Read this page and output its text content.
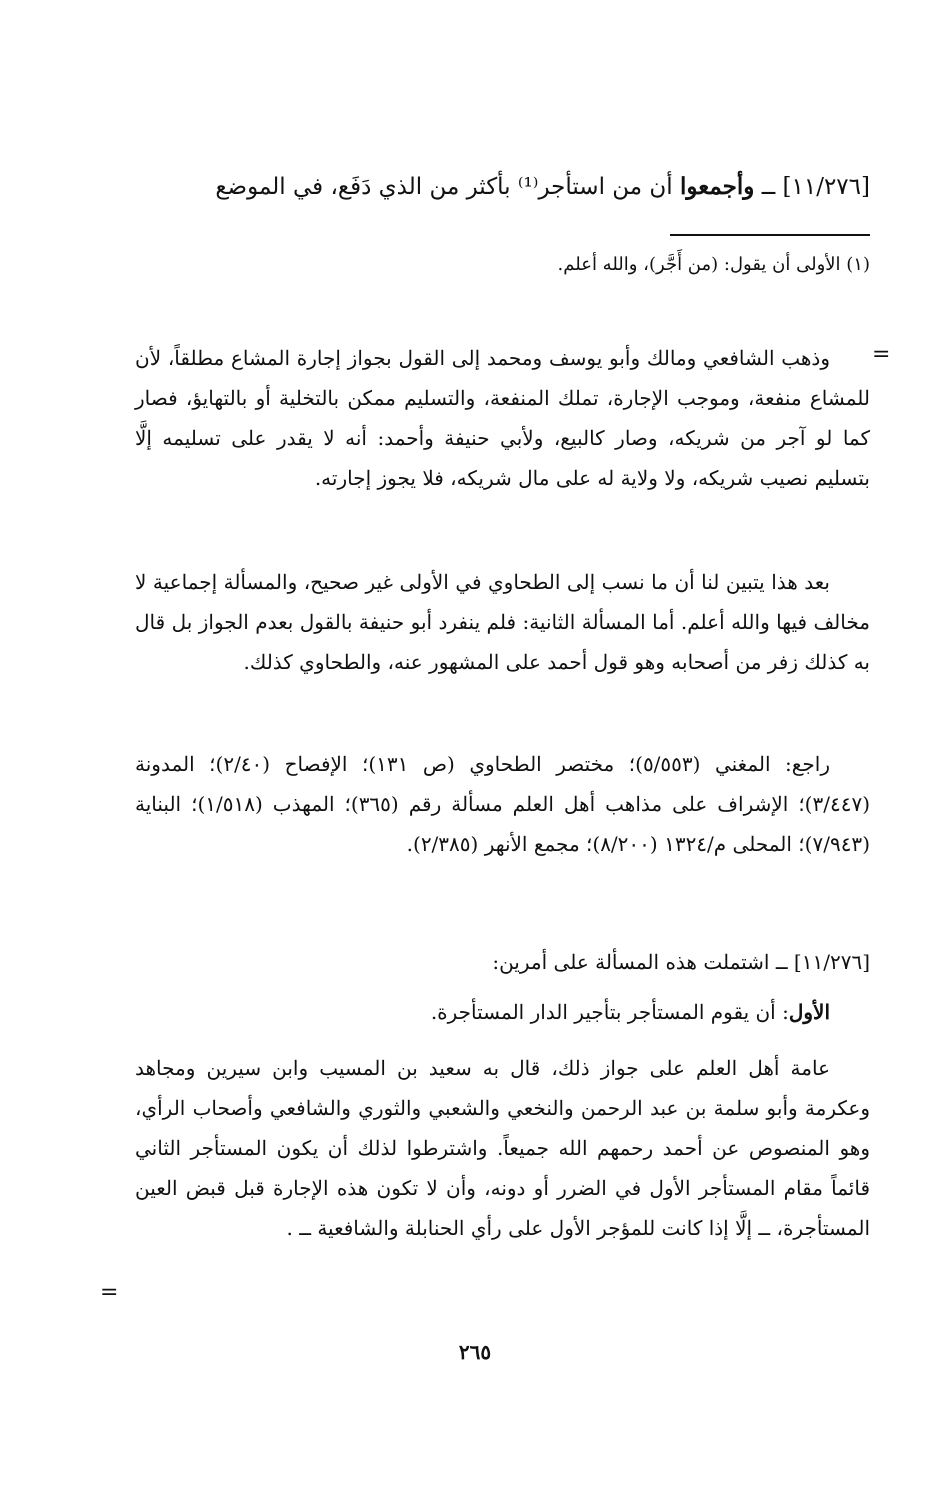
[١١/٢٧٦] ــ وأجمعوا أن من استأجر⁽¹⁾ بأكثر من الذي دَفَع، في الموضع
(١) الأولى أن يقول: (من أَجَّر)، والله أعلم.
=

وذهب الشافعي ومالك وأبو يوسف ومحمد إلى القول بجواز إجارة المشاع مطلقاً، لأن للمشاع منفعة، وموجب الإجارة، تملك المنفعة، والتسليم ممكن بالتخلية أو بالتهايؤ، فصار كما لو آجر من شريكه، وصار كالبيع، ولأبي حنيفة وأحمد: أنه لا يقدر على تسليمه إلَّا بتسليم نصيب شريكه، ولا ولاية له على مال شريكه، فلا يجوز إجارته.

بعد هذا يتبين لنا أن ما نسب إلى الطحاوي في الأولى غير صحيح، والمسألة إجماعية لا مخالف فيها والله أعلم. أما المسألة الثانية: فلم ينفرد أبو حنيفة بالقول بعدم الجواز بل قال به كذلك زفر من أصحابه وهو قول أحمد على المشهور عنه، والطحاوي كذلك.

راجع: المغني (٥/٥٥٣)؛ مختصر الطحاوي (ص ١٣١)؛ الإفصاح (٢/٤٠)؛ المدونة (٣/٤٤٧)؛ الإشراف على مذاهب أهل العلم مسألة رقم (٣٦٥)؛ المهذب (١/٥١٨)؛ البناية (٧/٩٤٣)؛ المحلى م/١٣٢٤ (٨/٢٠٠)؛ مجمع الأنهر (٢/٣٨٥).

[١١/٢٧٦] ــ اشتملت هذه المسألة على أمرين:

الأول: أن يقوم المستأجر بتأجير الدار المستأجرة.

عامة أهل العلم على جواز ذلك، قال به سعيد بن المسيب وابن سيرين ومجاهد وعكرمة وأبو سلمة بن عبد الرحمن والنخعي والشعبي والثوري والشافعي وأصحاب الرأي، وهو المنصوص عن أحمد رحمهم الله جميعاً. واشترطوا لذلك أن يكون المستأجر الثاني قائماً مقام المستأجر الأول في الضرر أو دونه، وأن لا تكون هذه الإجارة قبل قبض العين المستأجرة، ــ إلَّا إذا كانت للمؤجر الأول على رأي الحنابلة والشافعية ــ .

=
٢٦٥
